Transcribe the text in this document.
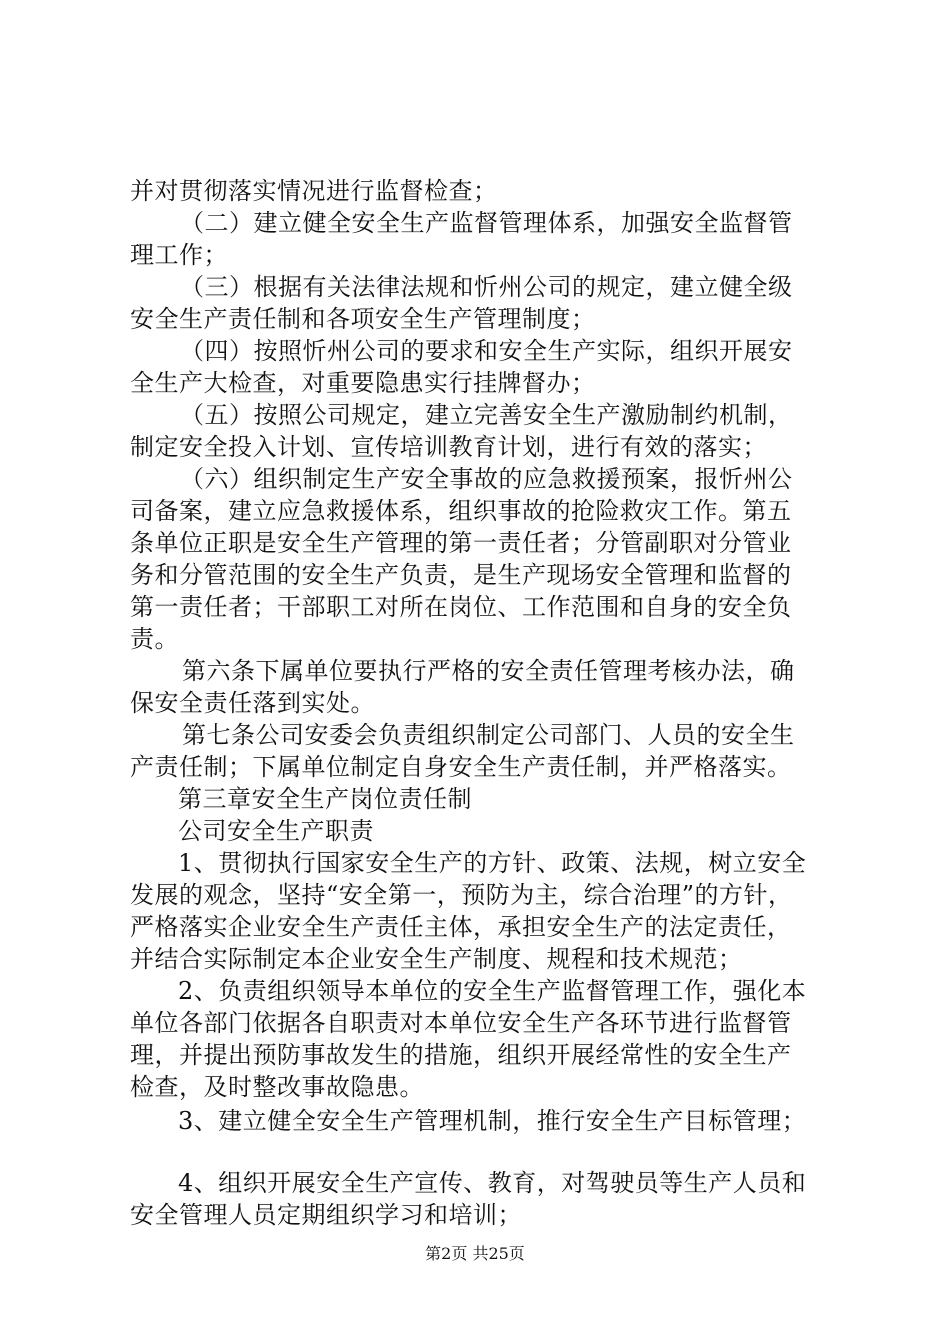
并对贯彻落实情况进行监督检查；
（二）建立健全安全生产监督管理体系，加强安全监督管
理工作；
（三）根据有关法律法规和忻州公司的规定，建立健全级
安全生产责任制和各项安全生产管理制度；
（四）按照忻州公司的要求和安全生产实际，组织开展安
全生产大检查，对重要隐患实行挂牌督办；
（五）按照公司规定，建立完善安全生产激励制约机制，
制定安全投入计划、宣传培训教育计划，进行有效的落实；
（六）组织制定生产安全事故的应急救援预案，报忻州公
司备案，建立应急救援体系，组织事故的抢险救灾工作。第五
条单位正职是安全生产管理的第一责任者；分管副职对分管业
务和分管范围的安全生产负责，是生产现场安全管理和监督的
第一责任者；干部职工对所在岗位、工作范围和自身的安全负
责。
第六条下属单位要执行严格的安全责任管理考核办法，确
保安全责任落到实处。
第七条公司安委会负责组织制定公司部门、人员的安全生
产责任制；下属单位制定自身安全生产责任制，并严格落实。
第三章安全生产岗位责任制
公司安全生产职责
1、贯彻执行国家安全生产的方针、政策、法规，树立安全
发展的观念，坚持“安全第一，预防为主，综合治理”的方针，
严格落实企业安全生产责任主体，承担安全生产的法定责任，
并结合实际制定本企业安全生产制度、规程和技术规范；
2、负责组织领导本单位的安全生产监督管理工作，强化本
单位各部门依据各自职责对本单位安全生产各环节进行监督管
理，并提出预防事故发生的措施，组织开展经常性的安全生产
检查，及时整改事故隐患。
3、建立健全安全生产管理机制，推行安全生产目标管理；
4、组织开展安全生产宣传、教育，对驾驶员等生产人员和
安全管理人员定期组织学习和培训；
第2页 共25页
